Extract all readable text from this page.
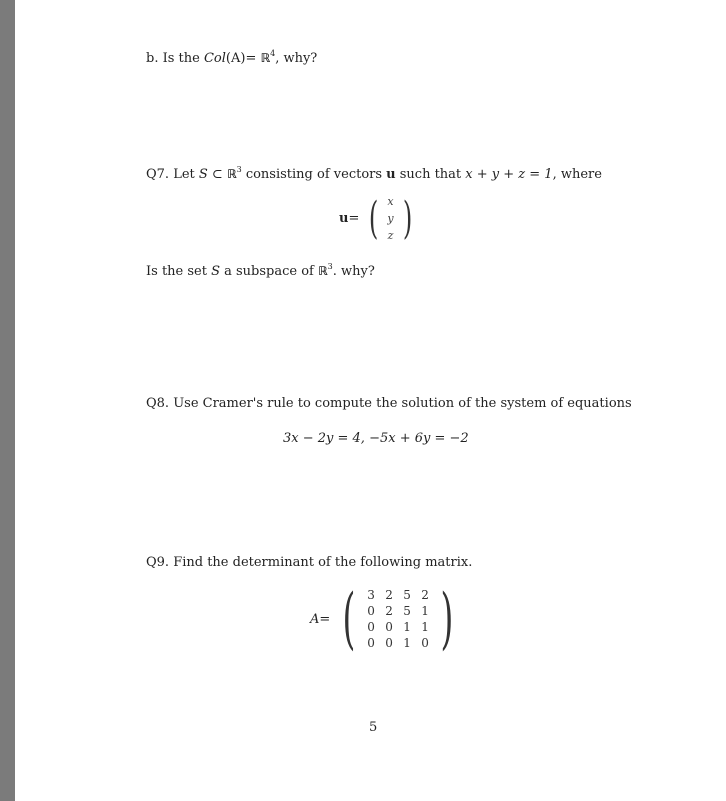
b. Is the Col(A)= ℝ$^4$, why?
Q7. Let S ⊂ ℝ$^3$ consisting of vectors u such that x + y + z = 1, where
u = ( x
y
z )
Is the set S a subspace of ℝ$^3$. why?
Q8. Use Cramer's rule to compute the solution of the system of equations
3x − 2y = 4, −5x + 6y = −2
Q9. Find the determinant of the following matrix.
A = ( 3 2 5 2
0 2 5 1
0 0 1 1
0 0 1 0 )
5
